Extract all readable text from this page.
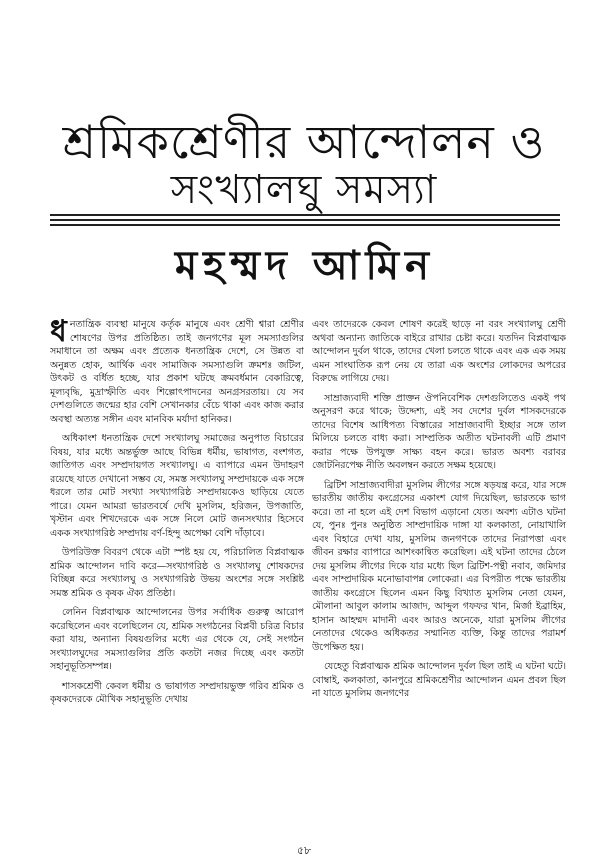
শ্রমিকশ্রেণীর আন্দোলন ও
সংখ্যালঘু সমস্যা
মহম্মদ আমিন

ধনতান্ত্রিক ব্যবস্থা মানুষে কর্তৃক মানুষে এবং শ্রেণী শ্বারা শ্রেণীর শোষণের উপর প্রতিষ্ঠিত। তাই জনগণের মূল সমস্যাগুলির সমাধানে তা অক্ষম এবং প্রত্যেক ধনতান্ত্রিক দেশে, সে উন্নত বা অনুন্নত হোক, আর্থিক এবং সামাজিক সমস্যাগুলি ক্রমশঃ জটিল, উৎকট ও বর্ধিত হচ্ছে, যার প্রকাশ ঘটছে ক্রমবর্ধমান বেকারিত্বে, মূল্যবৃদ্ধি, মুদ্রাস্ফীতি এবং শিল্পোৎপাদনের অনগ্রসরতায়। যে সব দেশগুলিতে জন্মের হার বেশি সেখানকার বেঁচে থাকা এবং কাজ করার অবস্থা অত্যন্ত সঙ্গীন এবং মানবিক মর্যাদা হানিকর।

অধিকাংশ ধনতান্ত্রিক দেশে সংখ্যালঘু সমাজের অনুপাত বিচারের বিষয়, যার মধ্যে অন্তর্ভুক্ত আছে বিভিন্ন ধর্মীয়, ভাষাগত, বংশগত, জাতিগত এবং সম্প্রদায়গত সংখ্যালঘু। এ ব্যাপারে এমন উদাহরণ রয়েছে যাতে দেখানো সম্ভব যে, সমস্ত সংখ্যালঘু সম্প্রদায়কে এক সঙ্গে ধরলে তার মোট সংখ্যা সংখ্যাগরিষ্ঠ সম্প্রদায়কেও ছাড়িয়ে যেতে পারে। যেমন আমরা ভারতবর্ষে দেখি মুসলিম, হরিজন, উপজাতি, খৃস্টান এবং শিখদেরকে এক সঙ্গে নিলে মোট জনসংখ্যার হিসেবে একক সংখ্যাগরিষ্ঠ সম্প্রদায় বর্ণ-হিন্দু অপেক্ষা বেশি দাঁড়াবে।

উপরিউক্ত বিবরণ থেকে এটা স্পষ্ট হয় যে, পরিচালিত বিপ্লবাত্মক শ্রমিক আন্দোলন দাবি করে—সংখ্যাগরিষ্ঠ ও সংখ্যালঘু শোষকদের বিচ্ছিন্ন করে সংখ্যালঘু ও সংখ্যাগরিষ্ঠ উভয় অংশের সঙ্গে সংশ্লিষ্ট সমস্ত শ্রমিক ও কৃষক ঐক্য প্রতিষ্ঠা।

লেনিন বিপ্লবাত্মক আন্দোলনের উপর সর্বাধিক গুরুত্ব আরোপ করেছিলেন এবং বলেছিলেন যে, শ্রমিক সংগঠনের বিপ্লবী চরিত্র বিচার করা যায়, অন্যান্য বিষয়গুলির মধ্যে এর থেকে যে, সেই সংগঠন সংখ্যালঘুদের সমস্যাগুলির প্রতি কতটা নজর দিচ্ছে এবং কতটা সহানুভূতিসম্পন্ন।

শাসকশ্রেণী কেবল ধর্মীয় ও ভাষাগত সম্প্রদায়ভুক্ত গরিব শ্রমিক ও কৃষকদেরকে মৌখিক সহানুভূতি দেখায়

এবং তাদেরকে কেবল শোষণ করেই ছাড়ে না বরং সংখ্যালঘু শ্রেণী অথবা অন্যান্য জাতিকে বাইরে রাখার চেষ্টা করে। যতদিন বিপ্লবাত্মক আন্দোলন দুর্বল থাকে, তাদের খেলা চলতে থাকে এবং এক এক সময় এমন সাংঘাতিক রূপ নেয় যে তারা এক অংশের লোকদের অপরের বিরুদ্ধে লাগিয়ে দেয়।

সাম্রাজ্যবাদী শক্তি প্রাক্তন ঔপনিবেশিক দেশগুলিতেও একই পথ অনুসরণ করে থাকে; উদ্দেশ্য, এই সব দেশের দুর্বল শাসকদেরকে তাদের বিশেষ আধিপত্য বিস্তারের সাম্রাজ্যবাদী ইচ্ছার সঙ্গে তাল মিলিয়ে চলতে বাধ্য করা। সাম্প্রতিক অতীত ঘটনাবলী এটি প্রমাণ করার পক্ষে উপযুক্ত সাক্ষ্য বহন করে। ভারত অবশ্য বরাবর জোটনিরপেক্ষ নীতি অবলম্বন করতে সক্ষম হয়েছে।

ব্রিটিশ সাম্রাজ্যবাদীরা মুসলিম লীগের সঙ্গে ষড়যন্ত্র করে, যার সঙ্গে ভারতীয় জাতীয় কংগ্রেসের একাংশ যোগ দিয়েছিল, ভারতকে ভাগ করে। তা না হলে এই দেশ বিভাগ এড়ানো যেত। অবশ্য এটাও ঘটনা যে, পুনঃ পুনঃ অনুষ্ঠিত সাম্প্রদায়িক দাঙ্গা যা কলকাতা, নোয়াখালি এবং বিহারে দেখা যায়, মুসলিম জনগণকে তাদের নিরাপত্তা এবং জীবন রক্ষার ব্যাপারে আশংকান্বিত করেছিল। এই ঘটনা তাদের ঠেলে দেয় মুসলিম লীগের দিকে যার মধ্যে ছিল ব্রিটিশ-পন্থী নবাব, জমিদার এবং সাম্প্রদায়িক মনোভাবাপন্ন লোকেরা। এর বিপরীত পক্ষে ভারতীয় জাতীয় কংগ্রেসে ছিলেন এমন কিছু বিখ্যাত মুসলিম নেতা যেমন, মৌলানা আবুল কালাম আজাদ, আব্দুল গফফর খান, মির্জা ইব্রাহিম, হাসান আহম্মদ মাদানী এবং আরও অনেকে, যারা মুসলিম লীগের নেতাদের থেকেও অধিকতর সম্মানিত ব্যক্তি, কিন্তু তাদের পরামর্শ উপেক্ষিত হয়।

যেহেতু বিপ্লবাত্মক শ্রমিক আন্দোলন দুর্বল ছিল তাই এ ঘটনা ঘটে। বোম্বাই, কলকাতা, কানপুরে শ্রমিকশ্রেণীর আন্দোলন এমন প্রবল ছিল না যাতে মুসলিম জনগণের

৫৮
